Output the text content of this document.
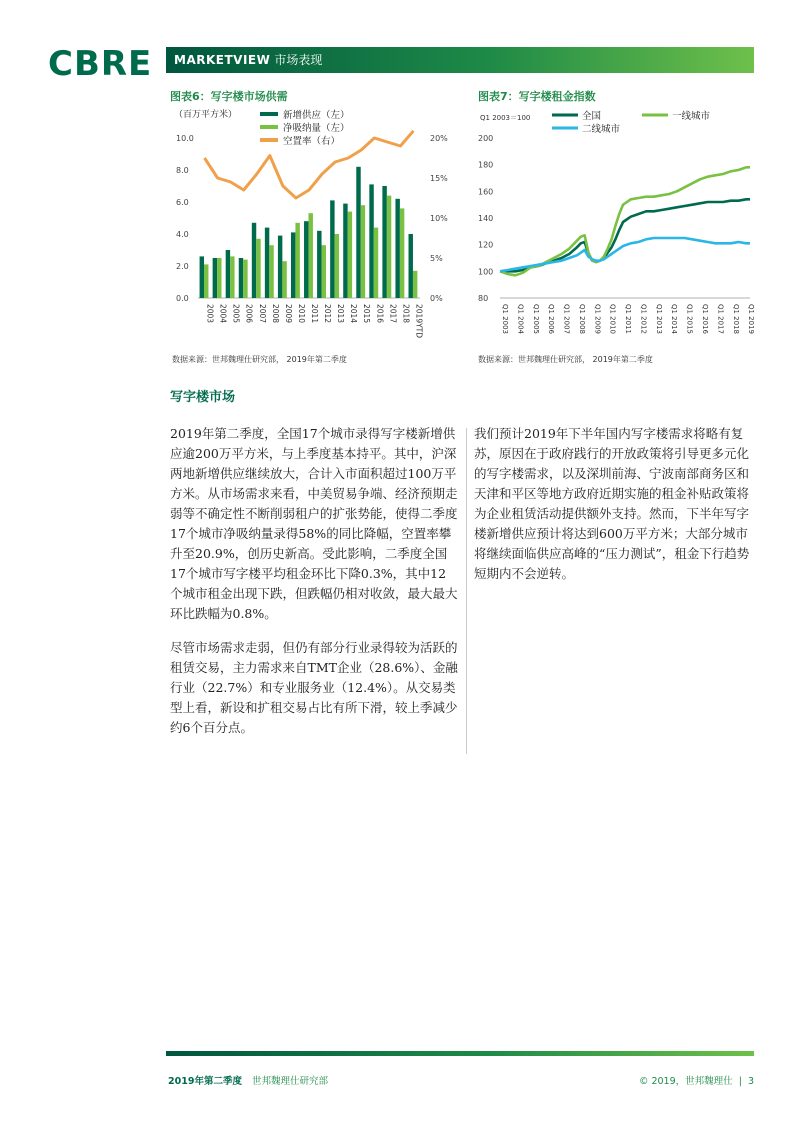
CBRE MARKETVIEW 市场表现
图表6：写字楼市场供需
（百万平方米）	新增供应（左）
净吸纳量（左）
空置率（右）
0.0
2.0
4.0
6.0
8.0
10.0
0%
5%
10%
15%
20%
2003 2004 2005 2006 2007 2008 2009 2010 2011 2012 2013 2014 2015 2016 2017 2018 2019YTD
数据来源：世邦魏理仕研究部， 2019年第二季度
图表7：写字楼租金指数
Q1 2003＝100	全国	一线城市
二线城市
80
100
120
140
160
180
200
Q1 2003 Q1 2004 Q1 2005 Q1 2006 Q1 2007 Q1 2008 Q1 2009 Q1 2010 Q1 2011 Q1 2012 Q1 2013 Q1 2014 Q1 2015 Q1 2016 Q1 2017 Q1 2018 Q1 2019
数据来源：世邦魏理仕研究部， 2019年第二季度
写字楼市场

2019年第二季度，全国17个城市录得写字楼新增供应逾200万平方米，与上季度基本持平。其中，沪深两地新增供应继续放大，合计入市面积超过100万平方米。从市场需求来看，中美贸易争端、经济预期走弱等不确定性不断削弱租户的扩张势能，使得二季度17个城市净吸纳量录得58%的同比降幅，空置率攀升至20.9%，创历史新高。受此影响，二季度全国17个城市写字楼平均租金环比下降0.3%，其中12个城市租金出现下跌，但跌幅仍相对收敛，最大最大环比跌幅为0.8%。

尽管市场需求走弱，但仍有部分行业录得较为活跃的租赁交易，主力需求来自TMT企业（28.6%）、金融行业（22.7%）和专业服务业（12.4%）。从交易类型上看，新设和扩租交易占比有所下滑，较上季减少约6个百分点。

我们预计2019年下半年国内写字楼需求将略有复苏，原因在于政府践行的开放政策将引导更多元化的写字楼需求，以及深圳前海、宁波南部商务区和天津和平区等地方政府近期实施的租金补贴政策将为企业租赁活动提供额外支持。然而，下半年写字楼新增供应预计将达到600万平方米；大部分城市将继续面临供应高峰的“压力测试”，租金下行趋势短期内不会逆转。

2019年第二季度 世邦魏理仕研究部	© 2019，世邦魏理仕 | 3
